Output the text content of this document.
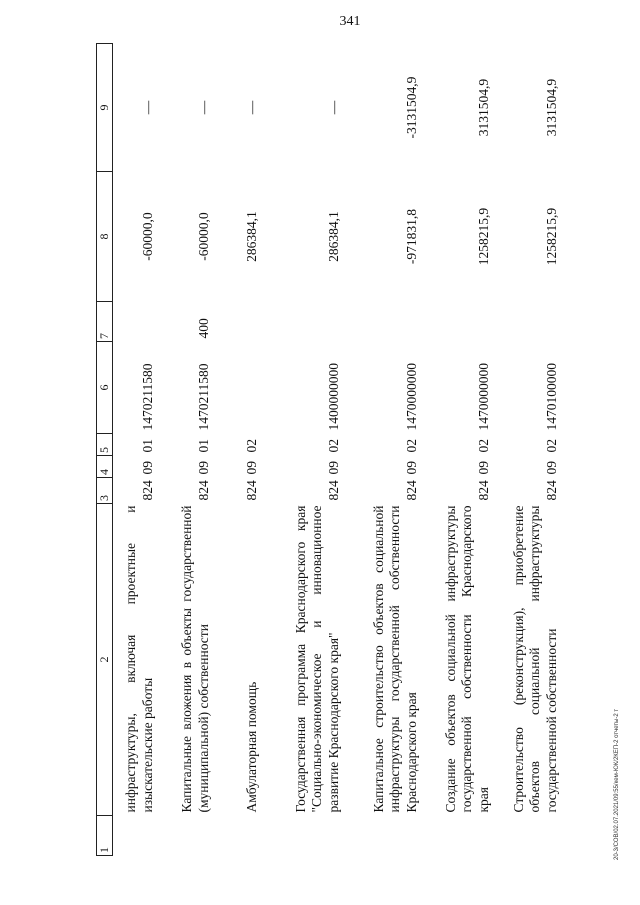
341
1	2	3	4	5	6	7	8	9
	инфраструктуры, включая проектные и изыскательские работы	824	09	01	1470211580		-60000,0	—
	Капитальные вложения в объекты государственной (муниципальной) собственности	824	09	01	1470211580	400	-60000,0	—
	Амбулаторная помощь	824	09	02			286384,1	—
	Государственная программа Краснодарского края "Социально-экономическое и инновационное развитие Краснодарского края"	824	09	02	1400000000		286384,1	—
	Капитальное строительство объектов социальной инфраструктуры государственной собственности Краснодарского края	824	09	02	1470000000		-971831,8	-3131504,9
	Создание объектов социальной инфраструктуры государственной собственности Краснодарского края	824	09	02	1470000000		1258215,9	3131504,9
	Строительство (реконструкция), приобретение объектов социальной инфраструктуры государственной собственности	824	09	02	1470100000		1258215,9	3131504,9
20-3/СОВ/02.07.2021/09:55/кем-ЮК/2КЕП-2 отчеты-2 т
